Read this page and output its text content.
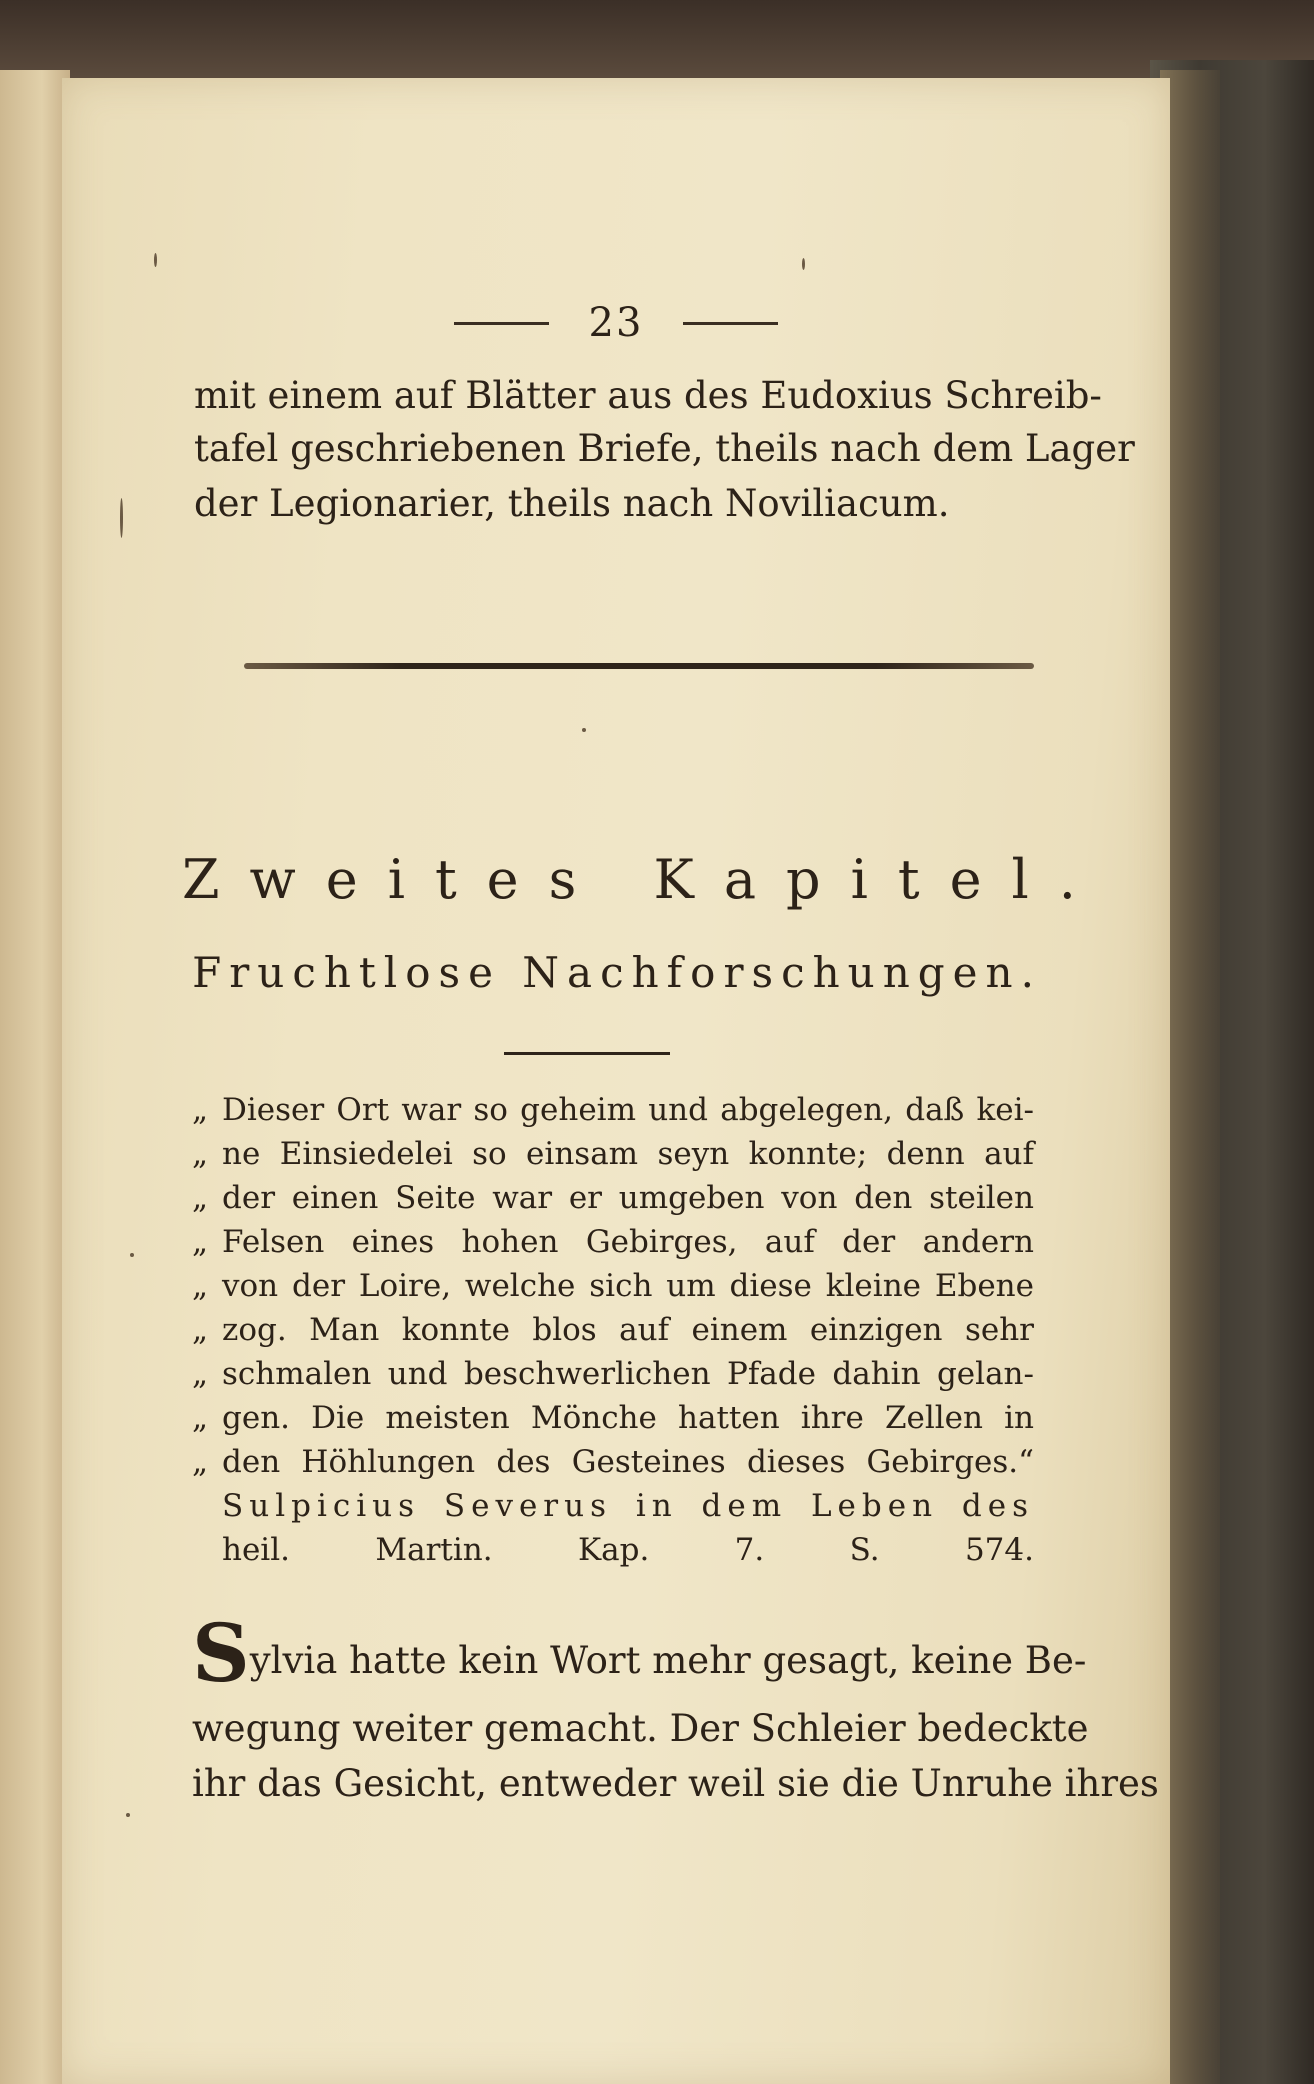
23
mit einem auf Blätter aus des Eudoxius Schreib-
tafel geschriebenen Briefe, theils nach dem Lager
der Legionarier, theils nach Noviliacum.
Zweites Kapitel.
Fruchtlose Nachforschungen.
„ Dieser Ort war so geheim und abgelegen, daß kei-
„ ne Einsiedelei so einsam seyn konnte; denn auf
„ der einen Seite war er umgeben von den steilen
„ Felsen eines hohen Gebirges, auf der andern
„ von der Loire, welche sich um diese kleine Ebene
„ zog. Man konnte blos auf einem einzigen sehr
„ schmalen und beschwerlichen Pfade dahin gelan-
„ gen. Die meisten Mönche hatten ihre Zellen in
„ den Höhlungen des Gesteines dieses Gebirges.“
Sulpicius Severus in dem Leben des
heil. Martin. Kap. 7. S. 574.
Sylvia hatte kein Wort mehr gesagt, keine Be-
wegung weiter gemacht. Der Schleier bedeckte
ihr das Gesicht, entweder weil sie die Unruhe ihres
